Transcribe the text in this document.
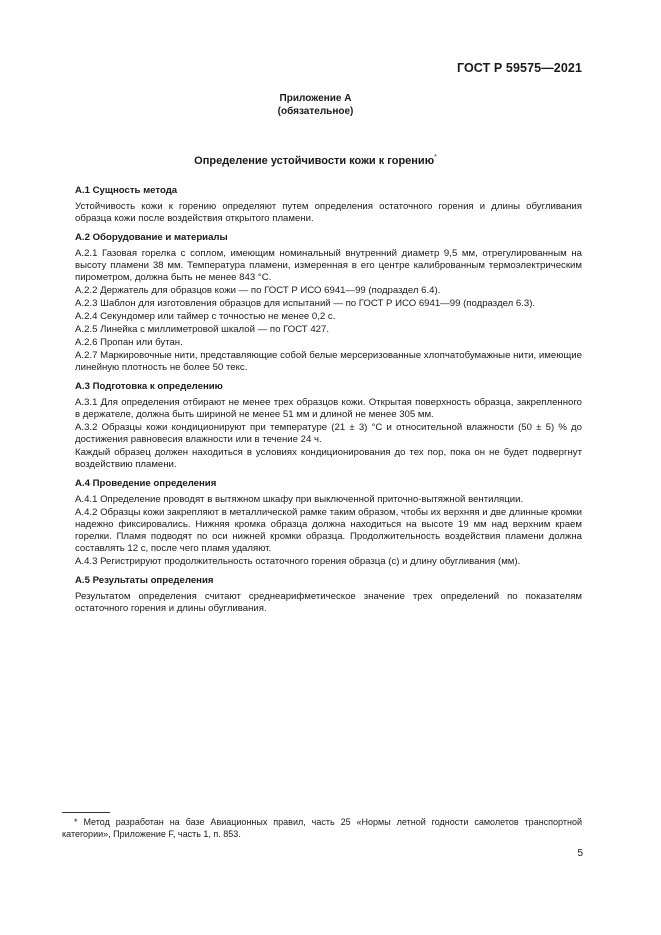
ГОСТ Р 59575—2021
Приложение А
(обязательное)
Определение устойчивости кожи к горению*
А.1 Сущность метода
Устойчивость кожи к горению определяют путем определения остаточного горения и длины обугливания образца кожи после воздействия открытого пламени.
А.2 Оборудование и материалы
А.2.1 Газовая горелка с соплом, имеющим номинальный внутренний диаметр 9,5 мм, отрегулированным на высоту пламени 38 мм. Температура пламени, измеренная в его центре калиброванным термоэлектрическим пирометром, должна быть не менее 843 °С.
А.2.2 Держатель для образцов кожи — по ГОСТ Р ИСО 6941—99 (подраздел 6.4).
А.2.3 Шаблон для изготовления образцов для испытаний — по ГОСТ Р ИСО 6941—99 (подраздел 6.3).
А.2.4 Секундомер или таймер с точностью не менее 0,2 с.
А.2.5 Линейка с миллиметровой шкалой — по ГОСТ 427.
А.2.6 Пропан или бутан.
А.2.7 Маркировочные нити, представляющие собой белые мерсеризованные хлопчатобумажные нити, имеющие линейную плотность не более 50 текс.
А.3 Подготовка к определению
А.3.1 Для определения отбирают не менее трех образцов кожи. Открытая поверхность образца, закрепленного в держателе, должна быть шириной не менее 51 мм и длиной не менее 305 мм.
А.3.2 Образцы кожи кондиционируют при температуре (21 ± 3) °С и относительной влажности (50 ± 5) % до достижения равновесия влажности или в течение 24 ч.
Каждый образец должен находиться в условиях кондиционирования до тех пор, пока он не будет подвергнут воздействию пламени.
А.4 Проведение определения
А.4.1 Определение проводят в вытяжном шкафу при выключенной приточно-вытяжной вентиляции.
А.4.2 Образцы кожи закрепляют в металлической рамке таким образом, чтобы их верхняя и две длинные кромки надежно фиксировались. Нижняя кромка образца должна находиться на высоте 19 мм над верхним краем горелки. Пламя подводят по оси нижней кромки образца. Продолжительность воздействия пламени должна составлять 12 с, после чего пламя удаляют.
А.4.3 Регистрируют продолжительность остаточного горения образца (с) и длину обугливания (мм).
А.5 Результаты определения
Результатом определения считают среднеарифметическое значение трех определений по показателям остаточного горения и длины обугливания.
* Метод разработан на базе Авиационных правил, часть 25 «Нормы летной годности самолетов транспортной категории», Приложение F, часть 1, п. 853.
5
